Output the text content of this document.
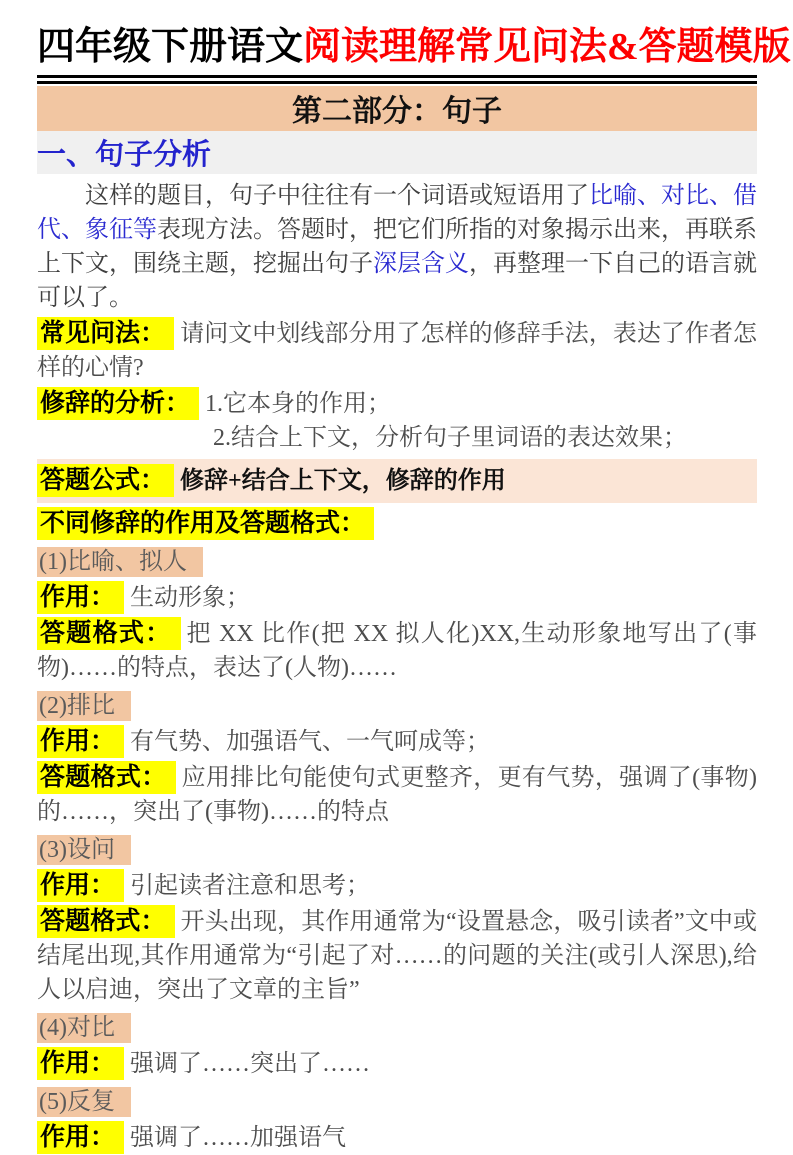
四年级下册语文阅读理解常见问法&答题模版
第二部分：句子
一、句子分析

这样的题目，句子中往往有一个词语或短语用了比喻、对比、借代、象征等表现方法。答题时，把它们所指的对象揭示出来，再联系上下文，围绕主题，挖掘出句子深层含义，再整理一下自己的语言就可以了。

常见问法： 请问文中划线部分用了怎样的修辞手法，表达了作者怎样的心情?
修辞的分析： 1.它本身的作用；
2.结合上下文，分析句子里词语的表达效果；
答题公式： 修辞+结合上下文，修辞的作用
不同修辞的作用及答题格式：
(1)比喻、拟人
作用： 生动形象；
答题格式： 把 XX 比作(把 XX 拟人化)XX,生动形象地写出了(事物)……的特点，表达了(人物)……
(2)排比
作用： 有气势、加强语气、一气呵成等；
答题格式： 应用排比句能使句式更整齐，更有气势，强调了(事物)的……，突出了(事物)……的特点
(3)设问
作用： 引起读者注意和思考；
答题格式： 开头出现，其作用通常为“设置悬念，吸引读者”文中或结尾出现,其作用通常为“引起了对……的问题的关注(或引人深思),给人以启迪，突出了文章的主旨”
(4)对比
作用： 强调了……突出了……
(5)反复
作用： 强调了……加强语气
